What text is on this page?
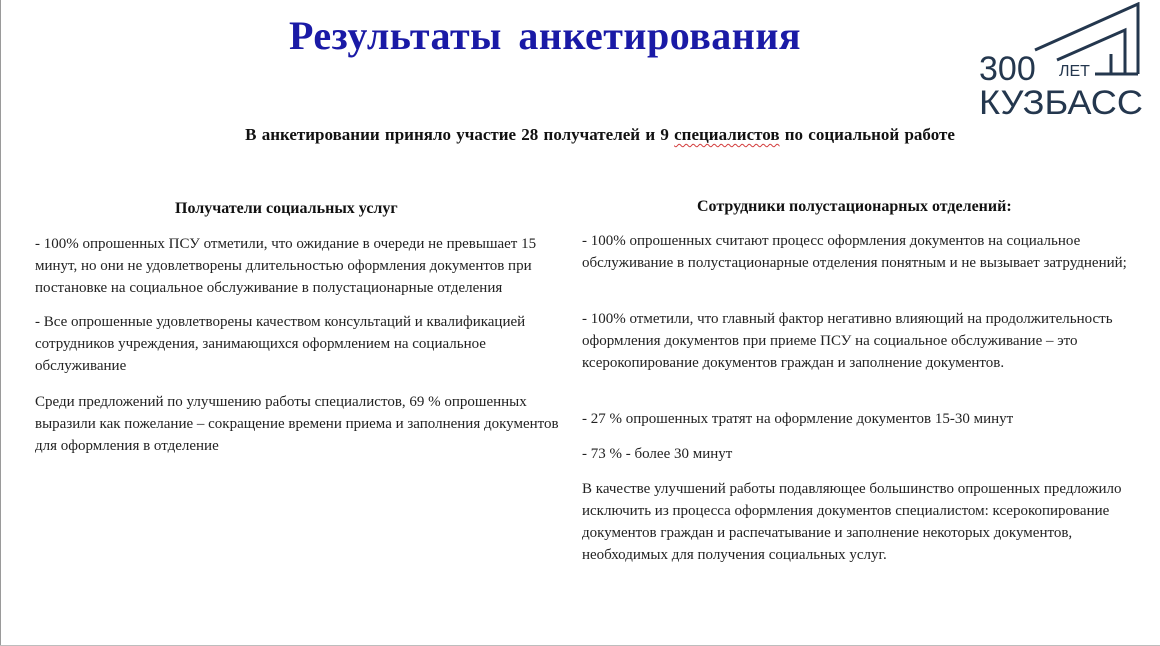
Результаты анкетирования
В анкетировании приняло участие 28 получателей и 9 специалистов по социальной работе
300 ЛЕТ
КУЗБАСС
Получатели социальных услуг
- 100% опрошенных ПСУ отметили, что ожидание в очереди не превышает 15 минут, но они не удовлетворены длительностью оформления документов при постановке на социальное обслуживание в полустационарные отделения
- Все опрошенные удовлетворены качеством консультаций и квалификацией сотрудников учреждения, занимающихся оформлением на социальное обслуживание
Среди предложений по улучшению работы специалистов, 69 % опрошенных выразили как пожелание – сокращение времени приема и заполнения документов для оформления в отделение
Сотрудники полустационарных отделений:
- 100% опрошенных считают процесс оформления документов на социальное обслуживание в полустационарные отделения понятным и не вызывает затруднений;
- 100% отметили, что главный фактор негативно влияющий на продолжительность оформления документов при приеме ПСУ на социальное обслуживание – это ксерокопирование документов граждан и заполнение документов.
- 27 % опрошенных тратят на оформление документов 15-30 минут
- 73 % - более 30 минут
В качестве улучшений работы подавляющее большинство опрошенных предложило исключить из процесса оформления документов специалистом: ксерокопирование документов граждан и распечатывание и заполнение некоторых документов, необходимых для получения социальных услуг.
